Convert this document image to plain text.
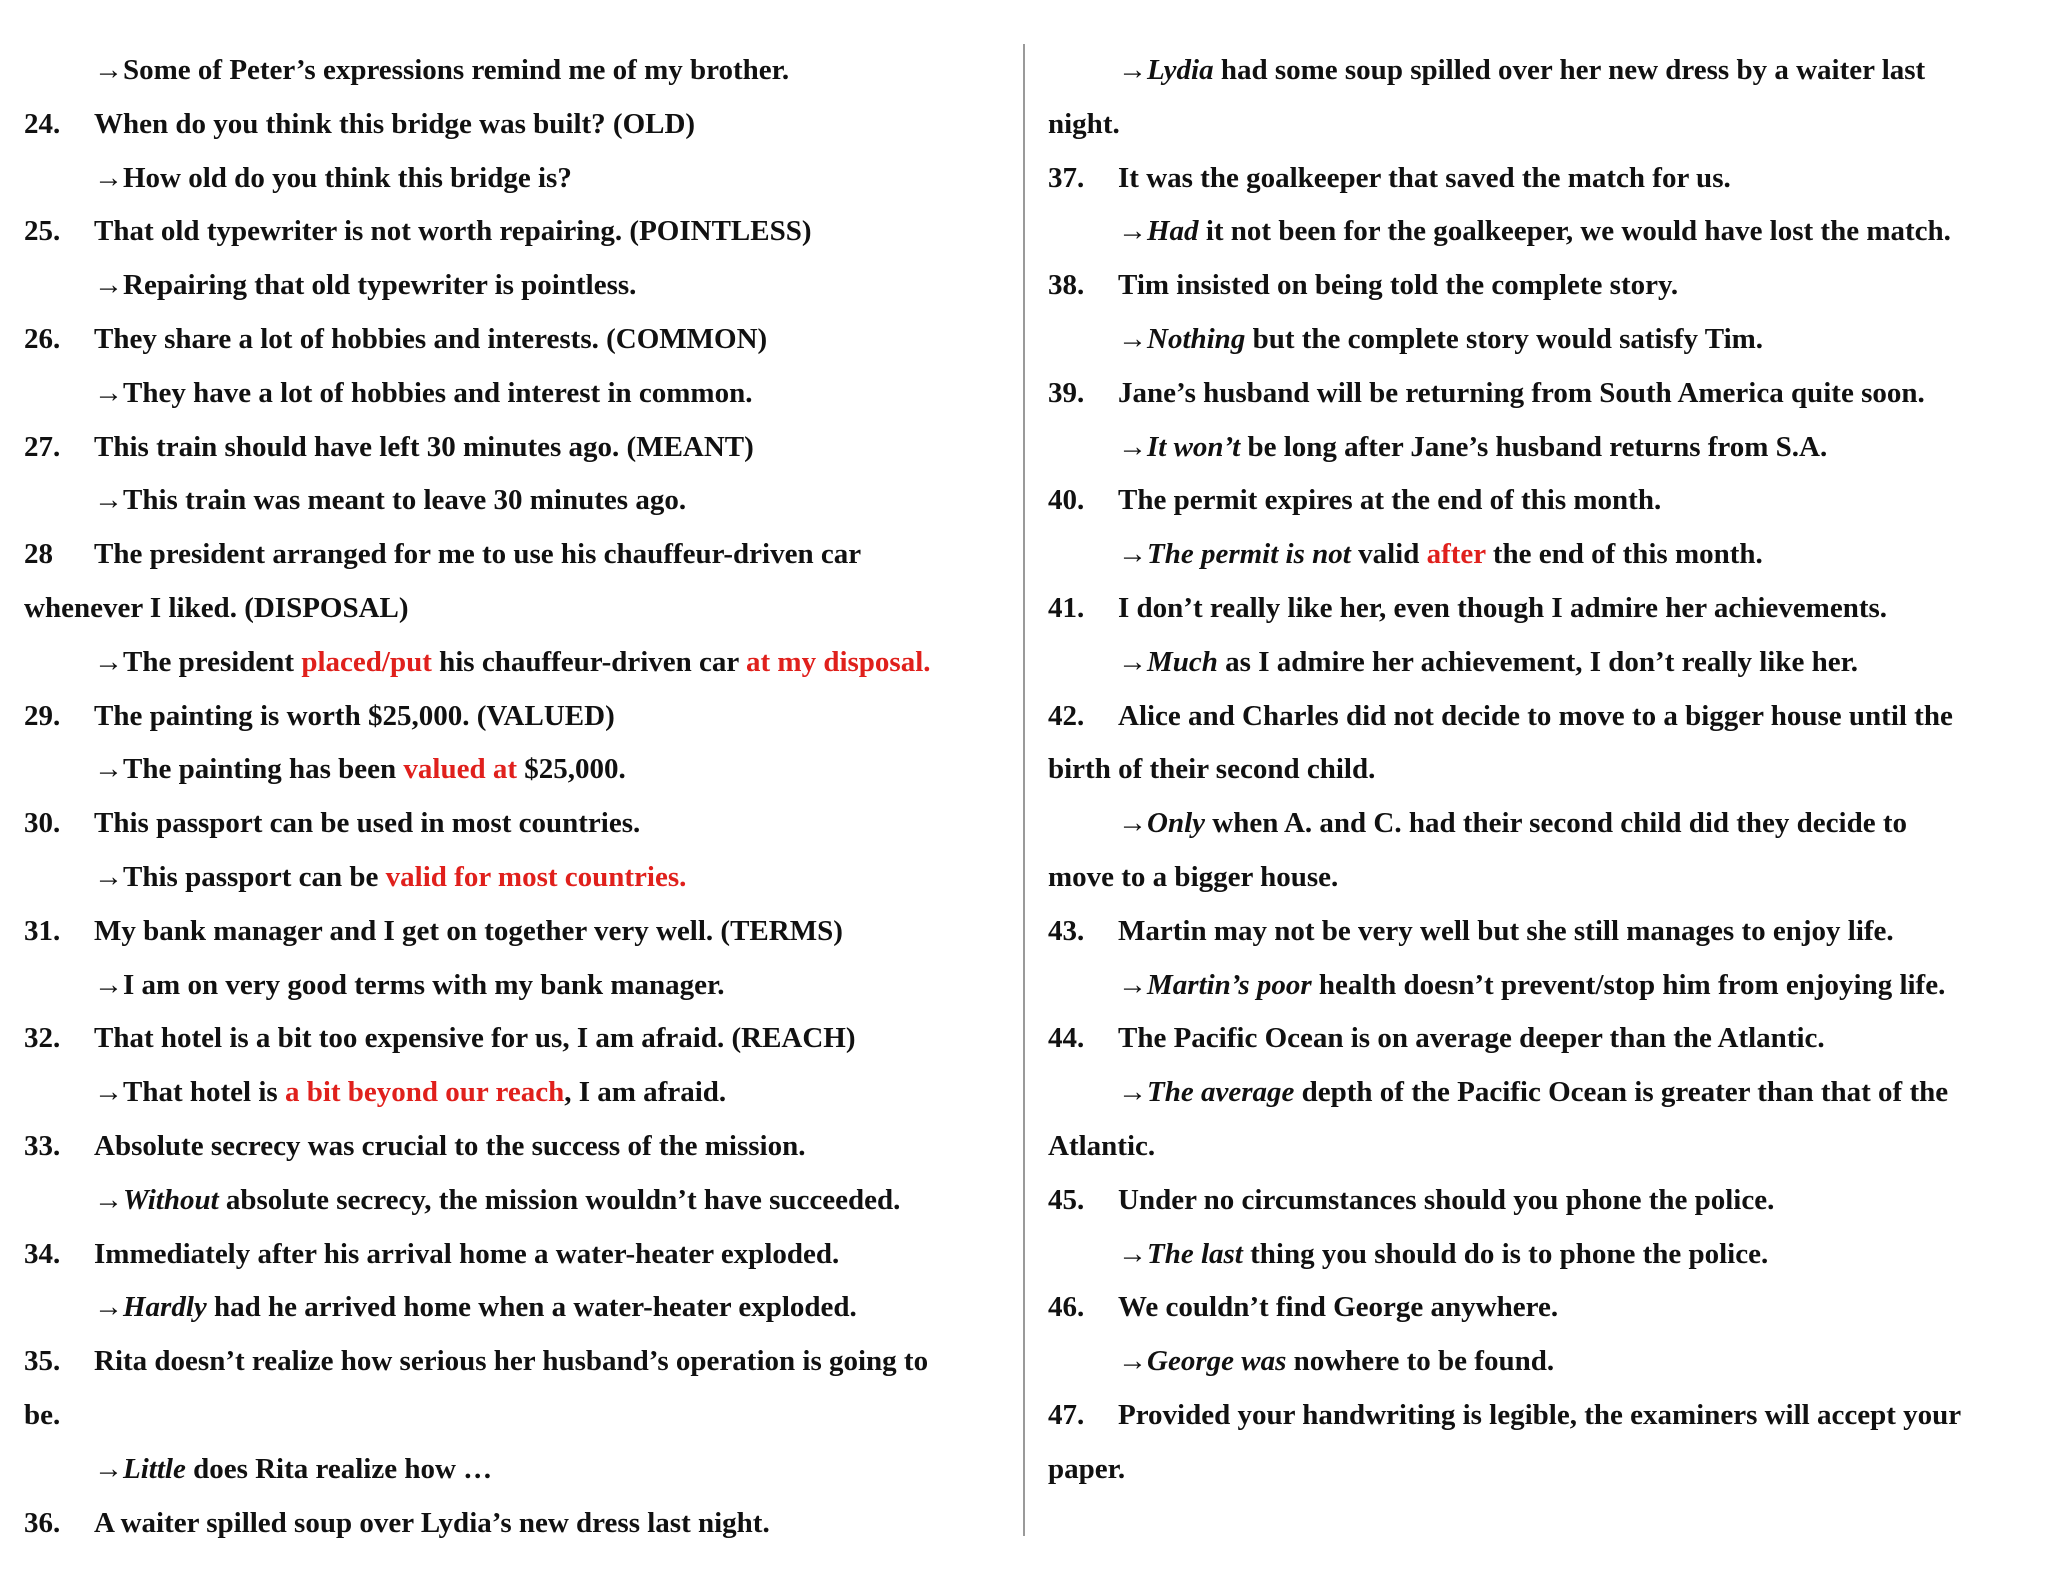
→Some of Peter’s expressions remind me of my brother.
24. When do you think this bridge was built? (OLD)
→How old do you think this bridge is?
25. That old typewriter is not worth repairing. (POINTLESS)
→Repairing that old typewriter is pointless.
26. They share a lot of hobbies and interests. (COMMON)
→They have a lot of hobbies and interest in common.
27. This train should have left 30 minutes ago. (MEANT)
→This train was meant to leave 30 minutes ago.
28 The president arranged for me to use his chauffeur-driven car
whenever I liked. (DISPOSAL)
→The president placed/put his chauffeur-driven car at my disposal.
29. The painting is worth $25,000. (VALUED)
→The painting has been valued at $25,000.
30. This passport can be used in most countries.
→This passport can be valid for most countries.
31. My bank manager and I get on together very well. (TERMS)
→I am on very good terms with my bank manager.
32. That hotel is a bit too expensive for us, I am afraid. (REACH)
→That hotel is a bit beyond our reach, I am afraid.
33. Absolute secrecy was crucial to the success of the mission.
→Without absolute secrecy, the mission wouldn’t have succeeded.
34. Immediately after his arrival home a water-heater exploded.
→Hardly had he arrived home when a water-heater exploded.
35. Rita doesn’t realize how serious her husband’s operation is going to
be.
→Little does Rita realize how …
36. A waiter spilled soup over Lydia’s new dress last night.
→Lydia had some soup spilled over her new dress by a waiter last
night.
37. It was the goalkeeper that saved the match for us.
→Had it not been for the goalkeeper, we would have lost the match.
38. Tim insisted on being told the complete story.
→Nothing but the complete story would satisfy Tim.
39. Jane’s husband will be returning from South America quite soon.
→It won’t be long after Jane’s husband returns from S.A.
40. The permit expires at the end of this month.
→The permit is not valid after the end of this month.
41. I don’t really like her, even though I admire her achievements.
→Much as I admire her achievement, I don’t really like her.
42. Alice and Charles did not decide to move to a bigger house until the
birth of their second child.
→Only when A. and C. had their second child did they decide to
move to a bigger house.
43. Martin may not be very well but she still manages to enjoy life.
→Martin’s poor health doesn’t prevent/stop him from enjoying life.
44. The Pacific Ocean is on average deeper than the Atlantic.
→The average depth of the Pacific Ocean is greater than that of the
Atlantic.
45. Under no circumstances should you phone the police.
→The last thing you should do is to phone the police.
46. We couldn’t find George anywhere.
→George was nowhere to be found.
47. Provided your handwriting is legible, the examiners will accept your
paper.
